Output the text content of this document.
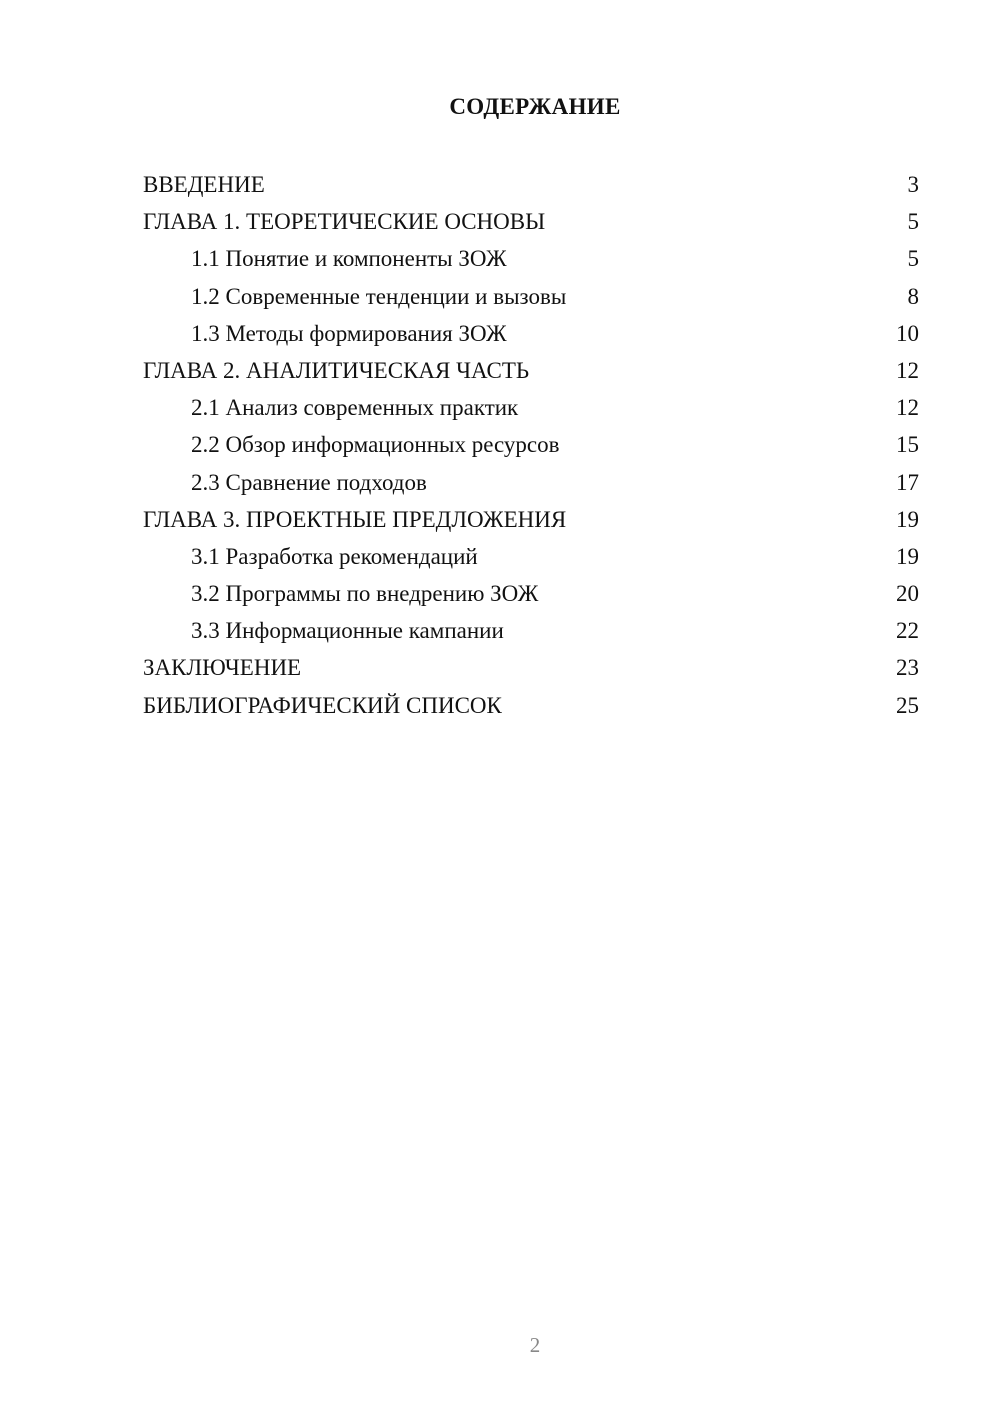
СОДЕРЖАНИЕ
ВВЕДЕНИЕ	3
ГЛАВА 1. ТЕОРЕТИЧЕСКИЕ ОСНОВЫ	5
1.1 Понятие и компоненты ЗОЖ	5
1.2 Современные тенденции и вызовы	8
1.3 Методы формирования ЗОЖ	10
ГЛАВА 2. АНАЛИТИЧЕСКАЯ ЧАСТЬ	12
2.1 Анализ современных практик	12
2.2 Обзор информационных ресурсов	15
2.3 Сравнение подходов	17
ГЛАВА 3. ПРОЕКТНЫЕ ПРЕДЛОЖЕНИЯ	19
3.1 Разработка рекомендаций	19
3.2 Программы по внедрению ЗОЖ	20
3.3 Информационные кампании	22
ЗАКЛЮЧЕНИЕ	23
БИБЛИОГРАФИЧЕСКИЙ СПИСОК	25
2
